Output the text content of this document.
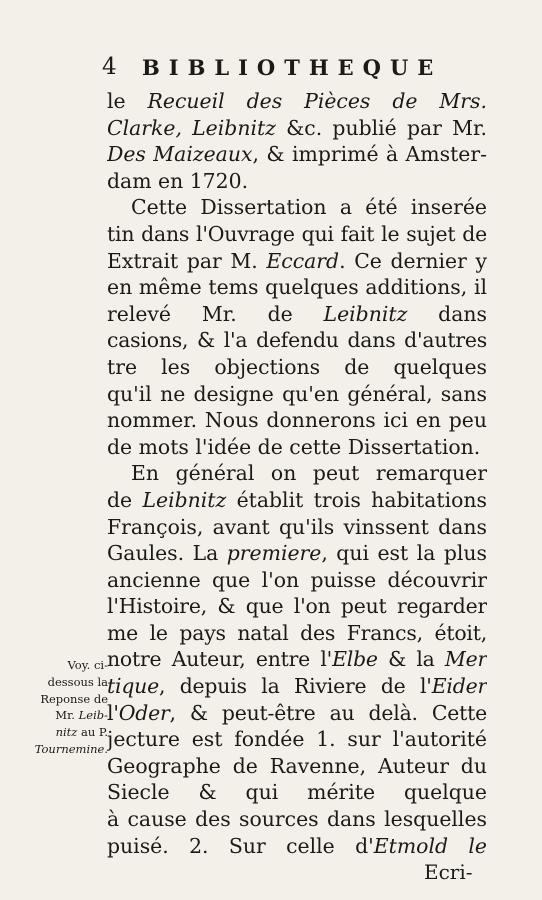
4 BIBLIOTHEQUE
le Recueil des Pièces de Mrs.
Clarke, Leibnitz &c. publié par Mr.
Des Maizeaux, & imprimé à Amster-
dam en 1720.
Cette Dissertation a été inserée
tin dans l'Ouvrage qui fait le sujet de
Extrait par M. Eccard. Ce dernier y
en même tems quelques additions, il
relevé Mr. de Leibnitz dans
casions, & l'a defendu dans d'autres
tre les objections de quelques
qu'il ne designe qu'en général, sans
nommer. Nous donnerons ici en peu
de mots l'idée de cette Dissertation.
En général on peut remarquer
de Leibnitz établit trois habitations
François, avant qu'ils vinssent dans
Gaules. La premiere, qui est la plus
ancienne que l'on puisse découvrir
l'Histoire, & que l'on peut regarder
me le pays natal des Francs, étoit,
notre Auteur, entre l'Elbe & la Mer
tique, depuis la Riviere de l'Eider
l'Oder, & peut-être au delà. Cette
jecture est fondée 1. sur l'autorité
Geographe de Ravenne, Auteur du
Siecle & qui mérite quelque
à cause des sources dans lesquelles
puisé. 2. Sur celle d'Etmold le
Voy. ci-
dessous la
Reponse de
Mr. Leib-
nitz au P.
Tournemine.
Ecri-
